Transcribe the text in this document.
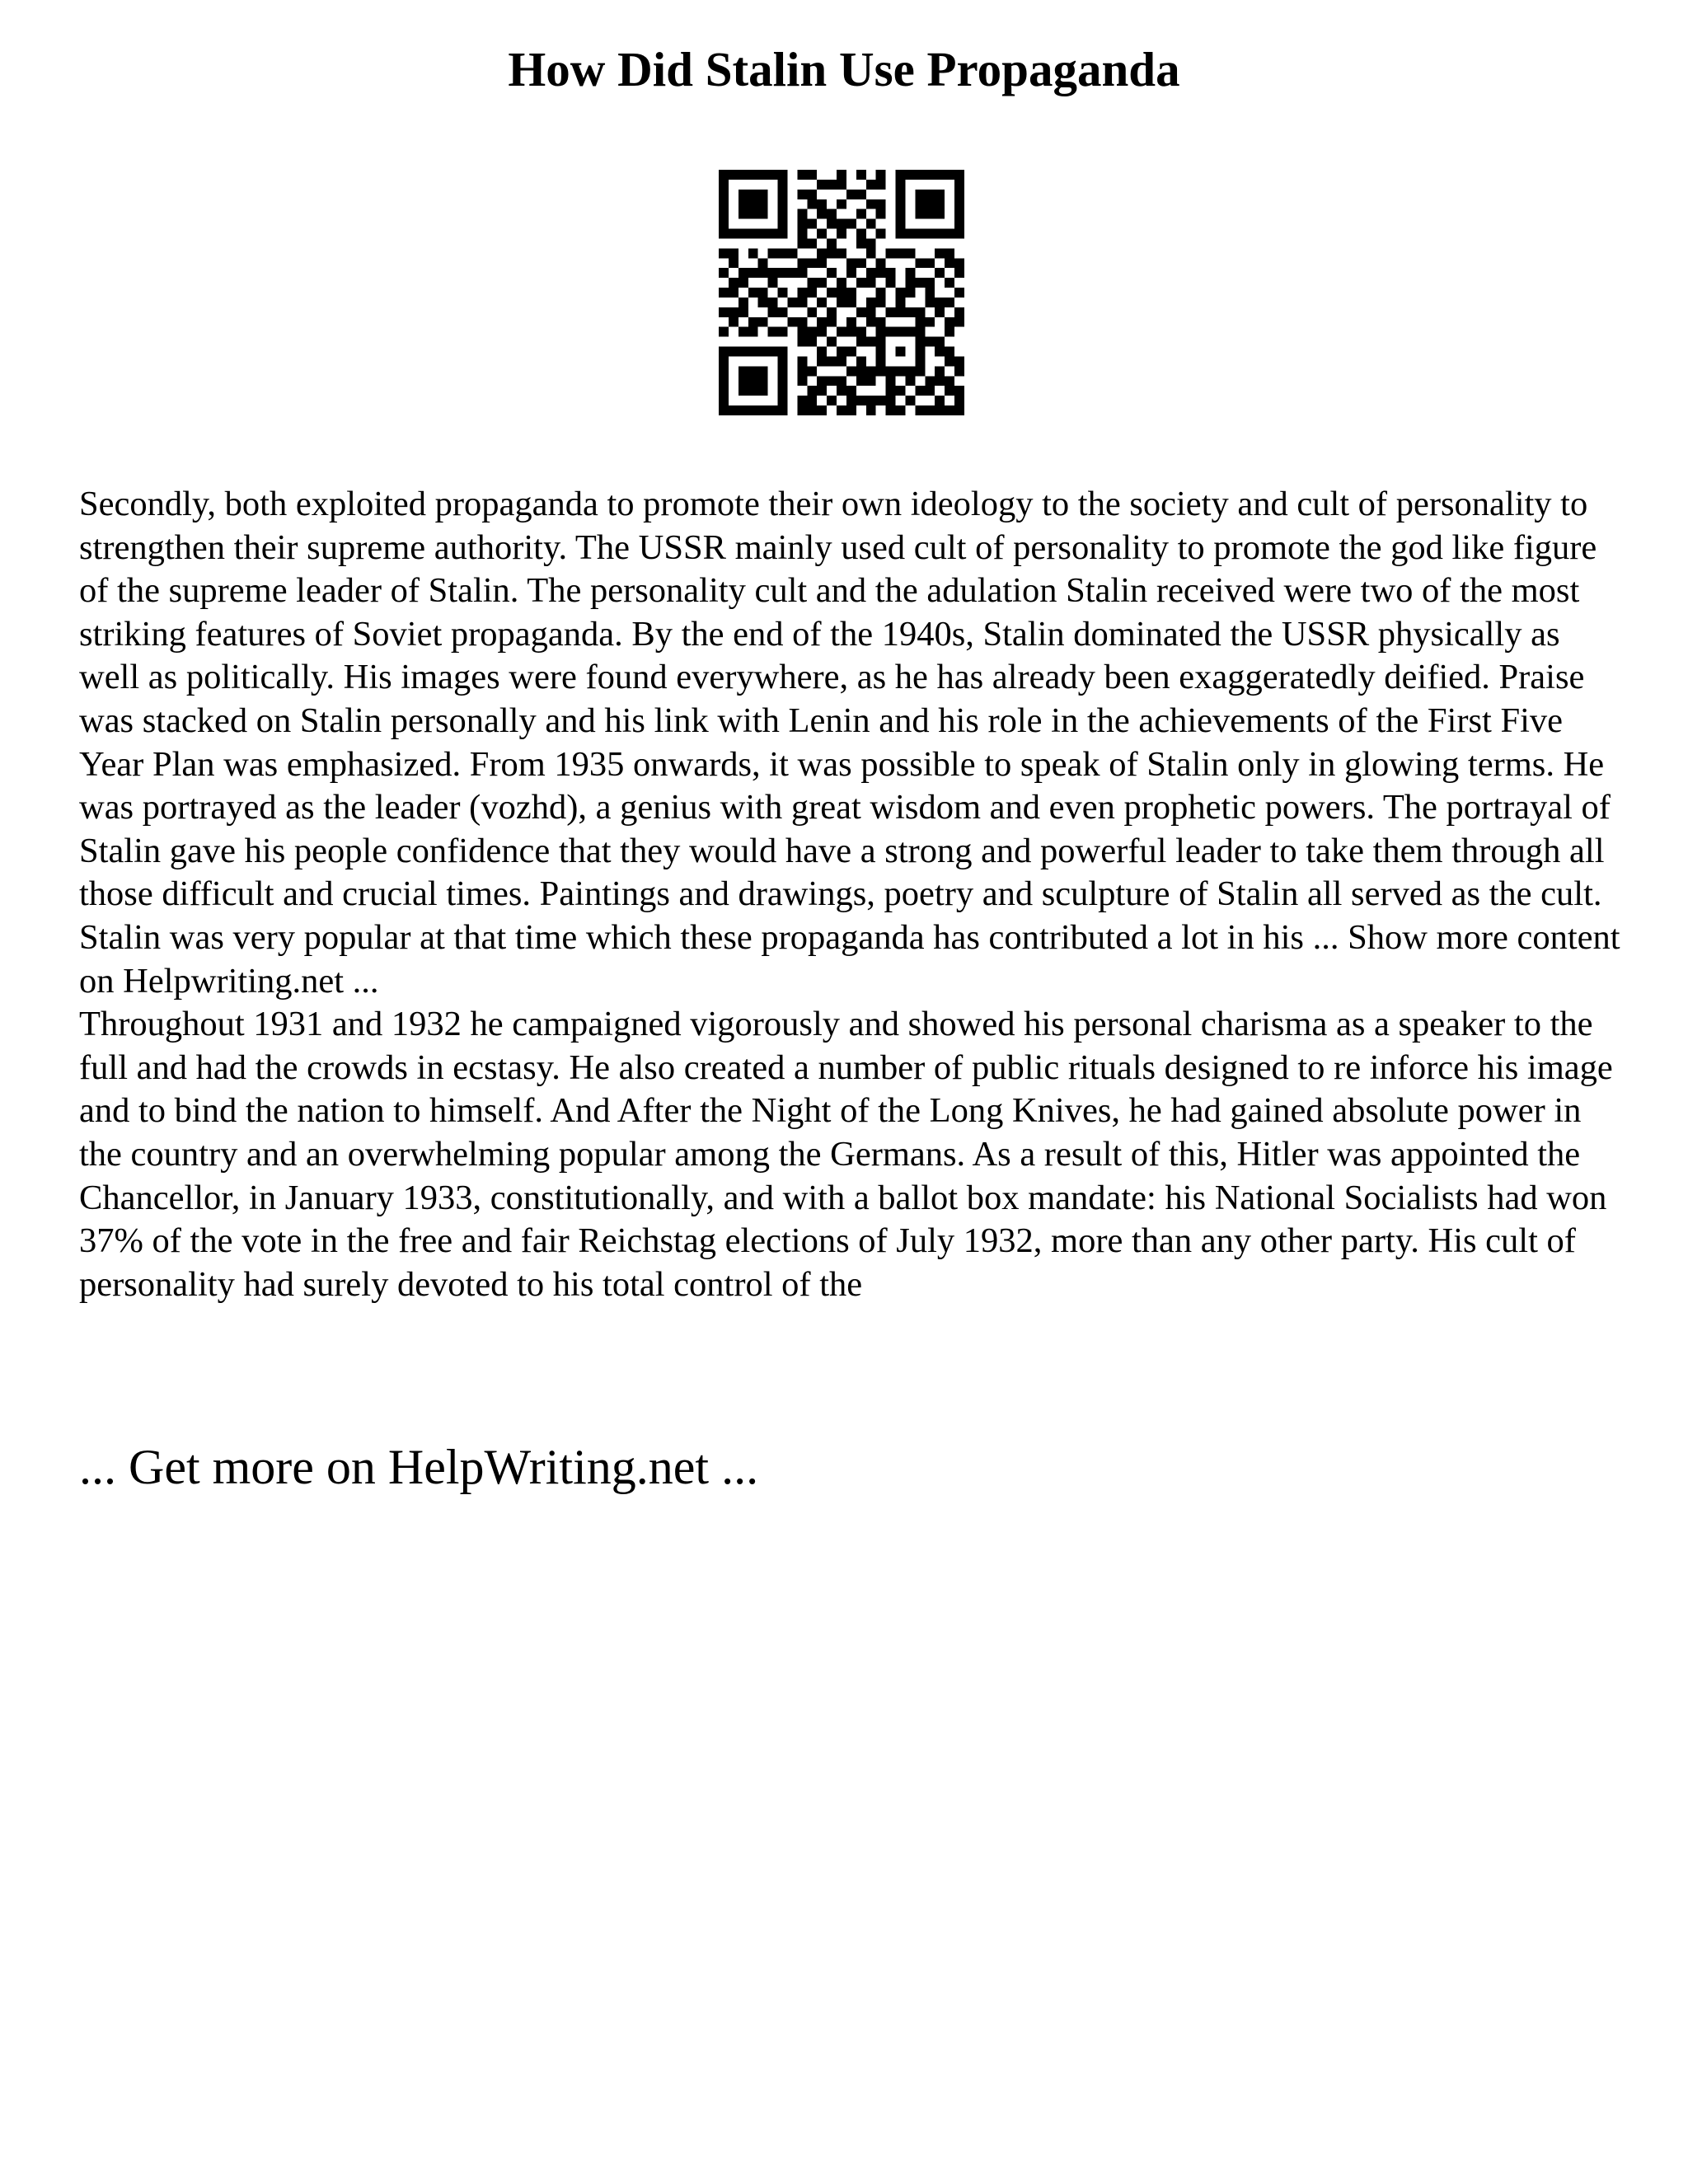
How Did Stalin Use Propaganda

Secondly, both exploited propaganda to promote their own ideology to the society and cult of personality to strengthen their supreme authority. The USSR mainly used cult of personality to promote the god like figure of the supreme leader of Stalin. The personality cult and the adulation Stalin received were two of the most striking features of Soviet propaganda. By the end of the 1940s, Stalin dominated the USSR physically as well as politically. His images were found everywhere, as he has already been exaggeratedly deified. Praise was stacked on Stalin personally and his link with Lenin and his role in the achievements of the First Five Year Plan was emphasized. From 1935 onwards, it was possible to speak of Stalin only in glowing terms. He was portrayed as the leader (vozhd), a genius with great wisdom and even prophetic powers. The portrayal of Stalin gave his people confidence that they would have a strong and powerful leader to take them through all those difficult and crucial times. Paintings and drawings, poetry and sculpture of Stalin all served as the cult. Stalin was very popular at that time which these propaganda has contributed a lot in his ... Show more content on Helpwriting.net ...

Throughout 1931 and 1932 he campaigned vigorously and showed his personal charisma as a speaker to the full and had the crowds in ecstasy. He also created a number of public rituals designed to re inforce his image and to bind the nation to himself. And After the Night of the Long Knives, he had gained absolute power in the country and an overwhelming popular among the Germans. As a result of this, Hitler was appointed the Chancellor, in January 1933, constitutionally, and with a ballot box mandate: his National Socialists had won 37% of the vote in the free and fair Reichstag elections of July 1932, more than any other party. His cult of personality had surely devoted to his total control of the

... Get more on HelpWriting.net ...
